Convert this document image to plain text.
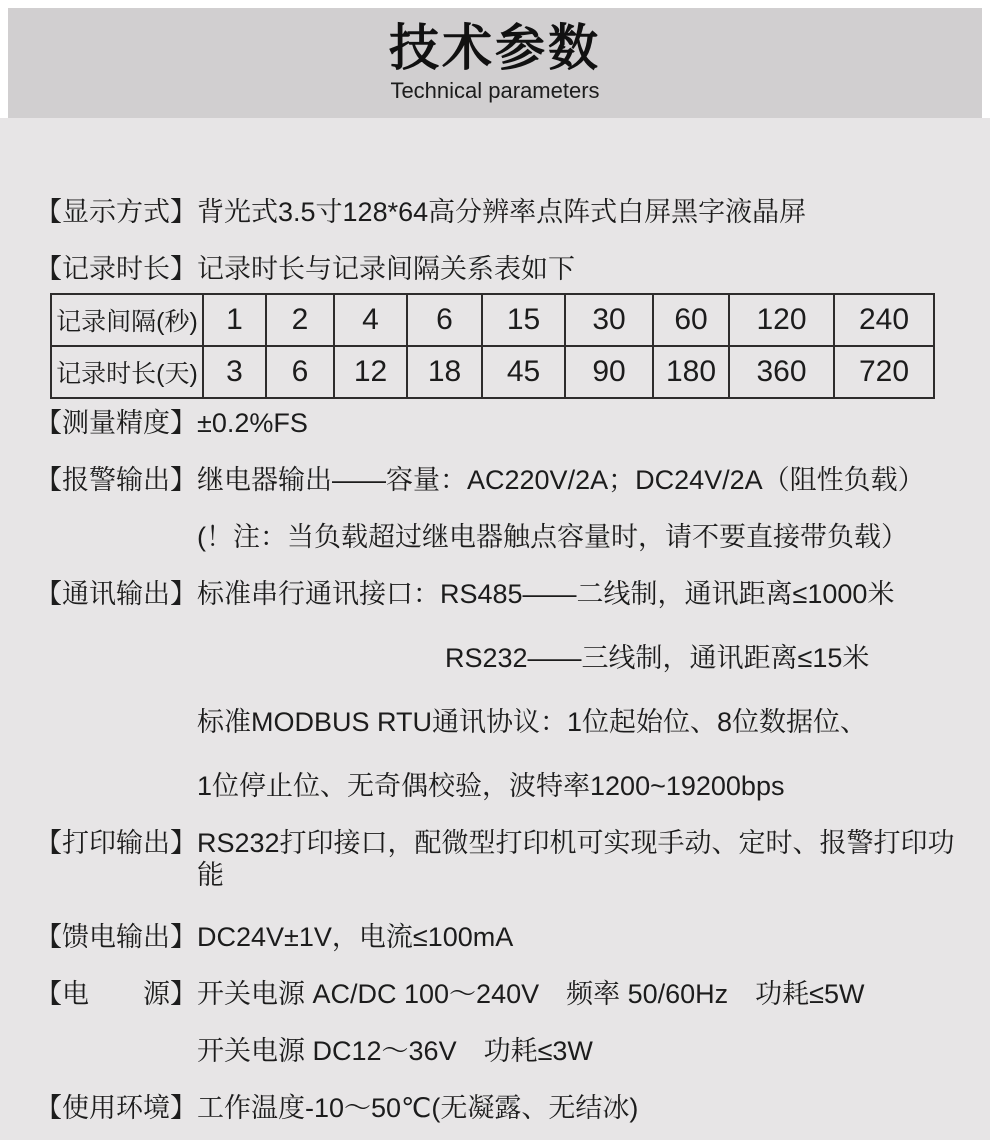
技术参数
Technical parameters
【显示方式】 背光式3.5寸128*64高分辨率点阵式白屏黑字液晶屏
【记录时长】 记录时长与记录间隔关系表如下
记录间隔(秒)	1	2	4	6	15	30	60	120	240
记录时长(天)	3	6	12	18	45	90	180	360	720
【测量精度】 ±0.2%FS
【报警输出】 继电器输出——容量：AC220V/2A；DC24V/2A（阻性负载）
(！注：当负载超过继电器触点容量时，请不要直接带负载）
【通讯输出】 标准串行通讯接口：RS485——二线制，通讯距离≤1000米
RS232——三线制，通讯距离≤15米
标准MODBUS RTU通讯协议：1位起始位、8位数据位、
1位停止位、无奇偶校验，波特率1200~19200bps
【打印输出】 RS232打印接口，配微型打印机可实现手动、定时、报警打印功能
【馈电输出】 DC24V±1V，电流≤100mA
【电　　源】 开关电源 AC/DC 100～240V　频率 50/60Hz　功耗≤5W
开关电源 DC12～36V　功耗≤3W
【使用环境】 工作温度-10～50℃(无凝露、无结冰)
